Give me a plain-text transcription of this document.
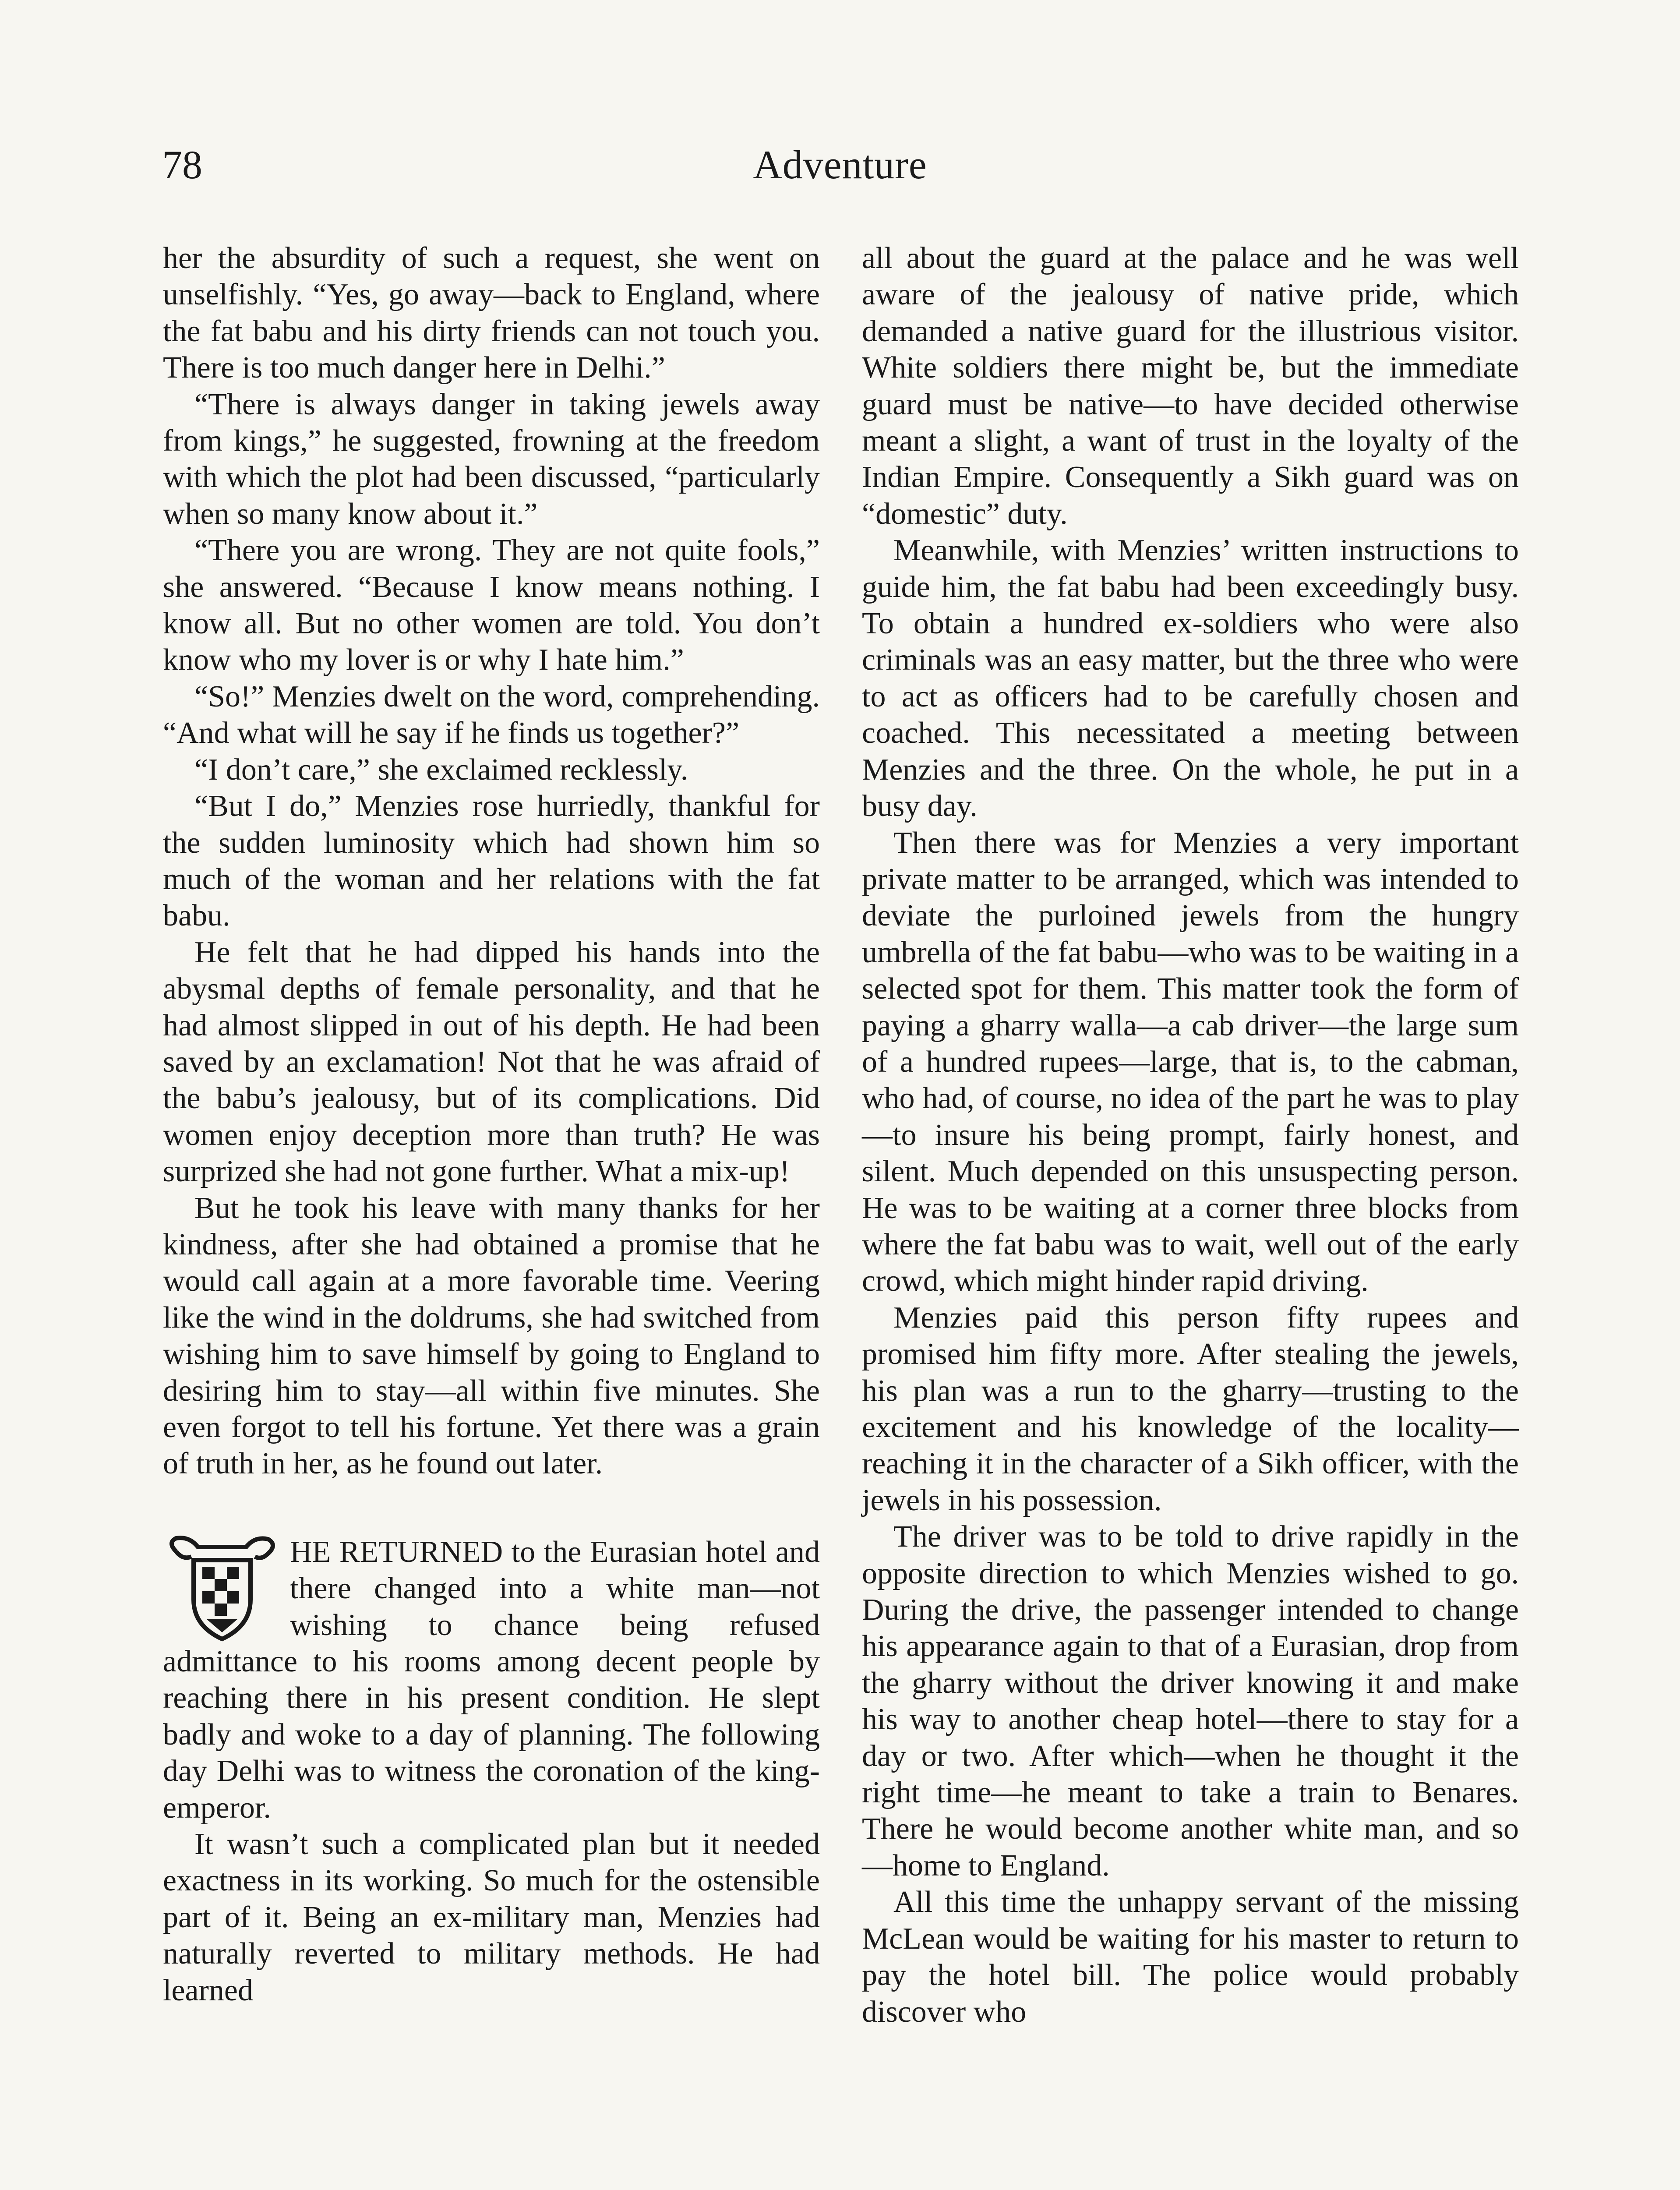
78	Adventure

her the absurdity of such a request, she went on unselfishly. “Yes, go away—back to England, where the fat babu and his dirty friends can not touch you. There is too much danger here in Delhi.”

“There is always danger in taking jewels away from kings,” he suggested, frowning at the freedom with which the plot had been discussed, “particularly when so many know about it.”

“There you are wrong. They are not quite fools,” she answered. “Because I know means nothing. I know all. But no other women are told. You don’t know who my lover is or why I hate him.”

“So!” Menzies dwelt on the word, comprehending. “And what will he say if he finds us together?”

“I don’t care,” she exclaimed recklessly.

“But I do,” Menzies rose hurriedly, thankful for the sudden luminosity which had shown him so much of the woman and her relations with the fat babu.

He felt that he had dipped his hands into the abysmal depths of female personality, and that he had almost slipped in out of his depth. He had been saved by an exclamation! Not that he was afraid of the babu’s jealousy, but of its complications. Did women enjoy deception more than truth? He was surprized she had not gone further. What a mix-up!

But he took his leave with many thanks for her kindness, after she had obtained a promise that he would call again at a more favorable time. Veering like the wind in the doldrums, she had switched from wishing him to save himself by going to England to desiring him to stay—all within five minutes. She even forgot to tell his fortune. Yet there was a grain of truth in her, as he found out later.

HE RETURNED to the Eurasian hotel and there changed into a white man—not wishing to chance being refused admittance to his rooms among decent people by reaching there in his present condition. He slept badly and woke to a day of planning. The following day Delhi was to witness the coronation of the king-emperor.

It wasn’t such a complicated plan but it needed exactness in its working. So much for the ostensible part of it. Being an ex-military man, Menzies had naturally reverted to military methods. He had learned

all about the guard at the palace and he was well aware of the jealousy of native pride, which demanded a native guard for the illustrious visitor. White soldiers there might be, but the immediate guard must be native—to have decided otherwise meant a slight, a want of trust in the loyalty of the Indian Empire. Consequently a Sikh guard was on “domestic” duty.

Meanwhile, with Menzies’ written instructions to guide him, the fat babu had been exceedingly busy. To obtain a hundred ex-soldiers who were also criminals was an easy matter, but the three who were to act as officers had to be carefully chosen and coached. This necessitated a meeting between Menzies and the three. On the whole, he put in a busy day.

Then there was for Menzies a very important private matter to be arranged, which was intended to deviate the purloined jewels from the hungry umbrella of the fat babu—who was to be waiting in a selected spot for them. This matter took the form of paying a gharry walla—a cab driver—the large sum of a hundred rupees—large, that is, to the cabman, who had, of course, no idea of the part he was to play—to insure his being prompt, fairly honest, and silent. Much depended on this unsuspecting person. He was to be waiting at a corner three blocks from where the fat babu was to wait, well out of the early crowd, which might hinder rapid driving.

Menzies paid this person fifty rupees and promised him fifty more. After stealing the jewels, his plan was a run to the gharry—trusting to the excitement and his knowledge of the locality—reaching it in the character of a Sikh officer, with the jewels in his possession.

The driver was to be told to drive rapidly in the opposite direction to which Menzies wished to go. During the drive, the passenger intended to change his appearance again to that of a Eurasian, drop from the gharry without the driver knowing it and make his way to another cheap hotel—there to stay for a day or two. After which—when he thought it the right time—he meant to take a train to Benares. There he would become another white man, and so —home to England.

All this time the unhappy servant of the missing McLean would be waiting for his master to return to pay the hotel bill. The police would probably discover who
